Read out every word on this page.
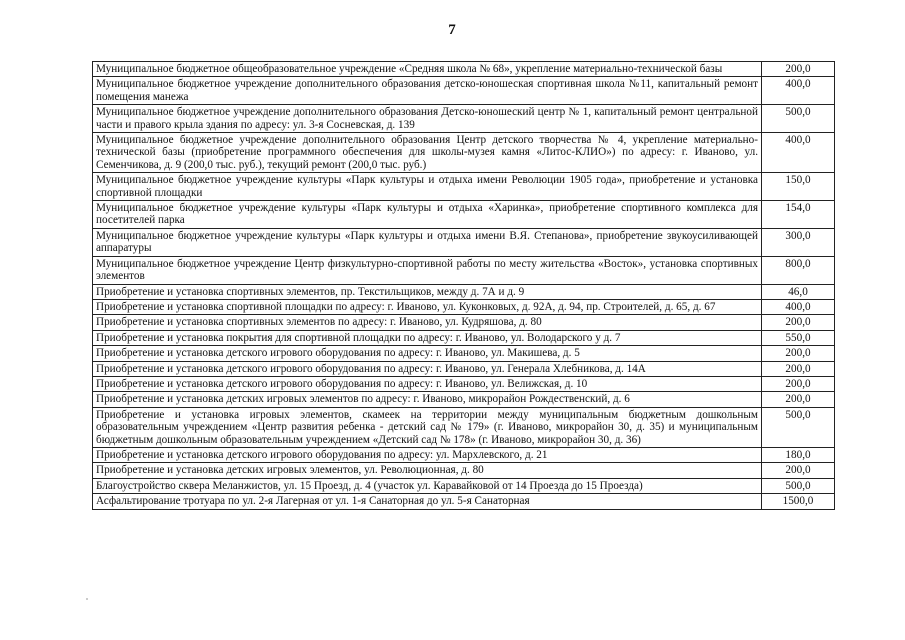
7
Муниципальное бюджетное общеобразовательное учреждение «Средняя школа № 68», укрепление материально-технической базы	200,0
Муниципальное бюджетное учреждение дополнительного образования детско-юношеская спортивная школа №11, капитальный ремонт помещения манежа	400,0
Муниципальное бюджетное учреждение дополнительного образования Детско-юношеский центр № 1, капитальный ремонт центральной части и правого крыла здания по адресу: ул. 3-я Сосневская, д. 139	500,0
Муниципальное бюджетное учреждение дополнительного образования Центр детского творчества № 4, укрепление материально-технической базы (приобретение программного обеспечения для школы-музея камня «Литос-КЛИО») по адресу: г. Иваново, ул. Семенчикова, д. 9 (200,0 тыс. руб.), текущий ремонт (200,0 тыс. руб.)	400,0
Муниципальное бюджетное учреждение культуры «Парк культуры и отдыха имени Революции 1905 года», приобретение и установка спортивной площадки	150,0
Муниципальное бюджетное учреждение культуры «Парк культуры и отдыха «Харинка», приобретение спортивного комплекса для посетителей парка	154,0
Муниципальное бюджетное учреждение культуры «Парк культуры и отдыха имени В.Я. Степанова», приобретение звукоусиливающей аппаратуры	300,0
Муниципальное бюджетное учреждение Центр физкультурно-спортивной работы по месту жительства «Восток», установка спортивных элементов	800,0
Приобретение и установка спортивных элементов, пр. Текстильщиков, между д. 7А и д. 9	46,0
Приобретение и установка спортивной площадки по адресу: г. Иваново, ул. Куконковых, д. 92А, д. 94, пр. Строителей, д. 65, д. 67	400,0
Приобретение и установка спортивных элементов по адресу: г. Иваново, ул. Кудряшова, д. 80	200,0
Приобретение и установка покрытия для спортивной площадки по адресу: г. Иваново, ул. Володарского у д. 7	550,0
Приобретение и установка детского игрового оборудования по адресу: г. Иваново, ул. Макишева, д. 5	200,0
Приобретение и установка детского игрового оборудования по адресу: г. Иваново, ул. Генерала Хлебникова, д. 14А	200,0
Приобретение и установка детского игрового оборудования по адресу: г. Иваново, ул. Велижская, д. 10	200,0
Приобретение и установка детских игровых элементов по адресу: г. Иваново, микрорайон Рождественский, д. 6	200,0
Приобретение и установка игровых элементов, скамеек на территории между муниципальным бюджетным дошкольным образовательным учреждением «Центр развития ребенка - детский сад № 179» (г. Иваново, микрорайон 30, д. 35) и муниципальным бюджетным дошкольным образовательным учреждением «Детский сад № 178» (г. Иваново, микрорайон 30, д. 36)	500,0
Приобретение и установка детского игрового оборудования по адресу: ул. Мархлевского, д. 21	180,0
Приобретение и установка детских игровых элементов, ул. Революционная, д. 80	200,0
Благоустройство сквера Меланжистов, ул. 15 Проезд, д. 4 (участок ул. Каравайковой от 14 Проезда до 15 Проезда)	500,0
Асфальтирование тротуара по ул. 2-я Лагерная от ул. 1-я Санаторная до ул. 5-я Санаторная	1500,0
